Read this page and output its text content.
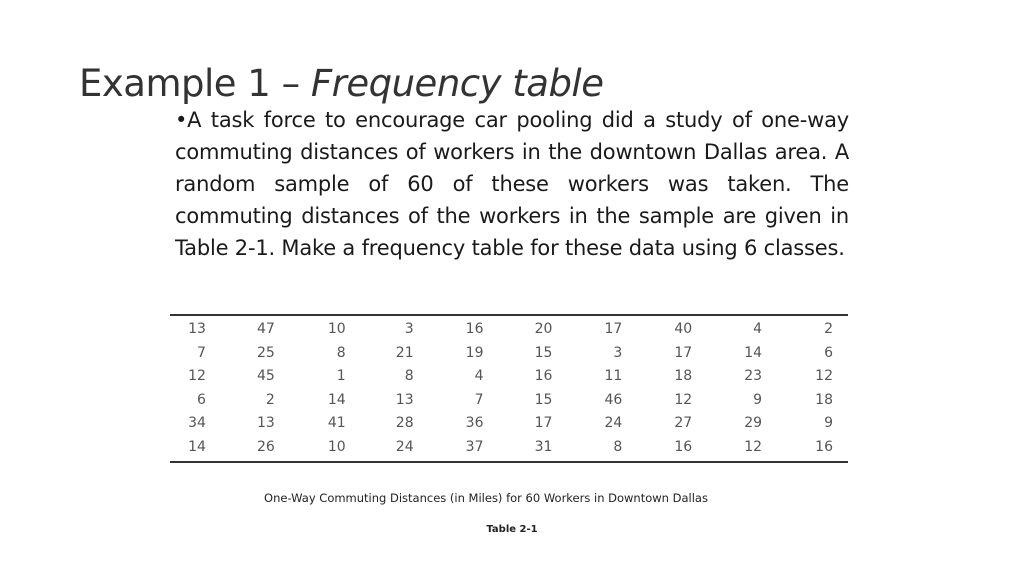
Example 1 – Frequency table

•A task force to encourage car pooling did a study of one-way commuting distances of workers in the downtown Dallas area. A random sample of 60 of these workers was taken. The commuting distances of the workers in the sample are given in Table 2-1. Make a frequency table for these data using 6 classes.

13	47	10	3	16	20	17	40	4	2
7	25	8	21	19	15	3	17	14	6
12	45	1	8	4	16	11	18	23	12
6	2	14	13	7	15	46	12	9	18
34	13	41	28	36	17	24	27	29	9
14	26	10	24	37	31	8	16	12	16

One-Way Commuting Distances (in Miles) for 60 Workers in Downtown Dallas

Table 2-1
